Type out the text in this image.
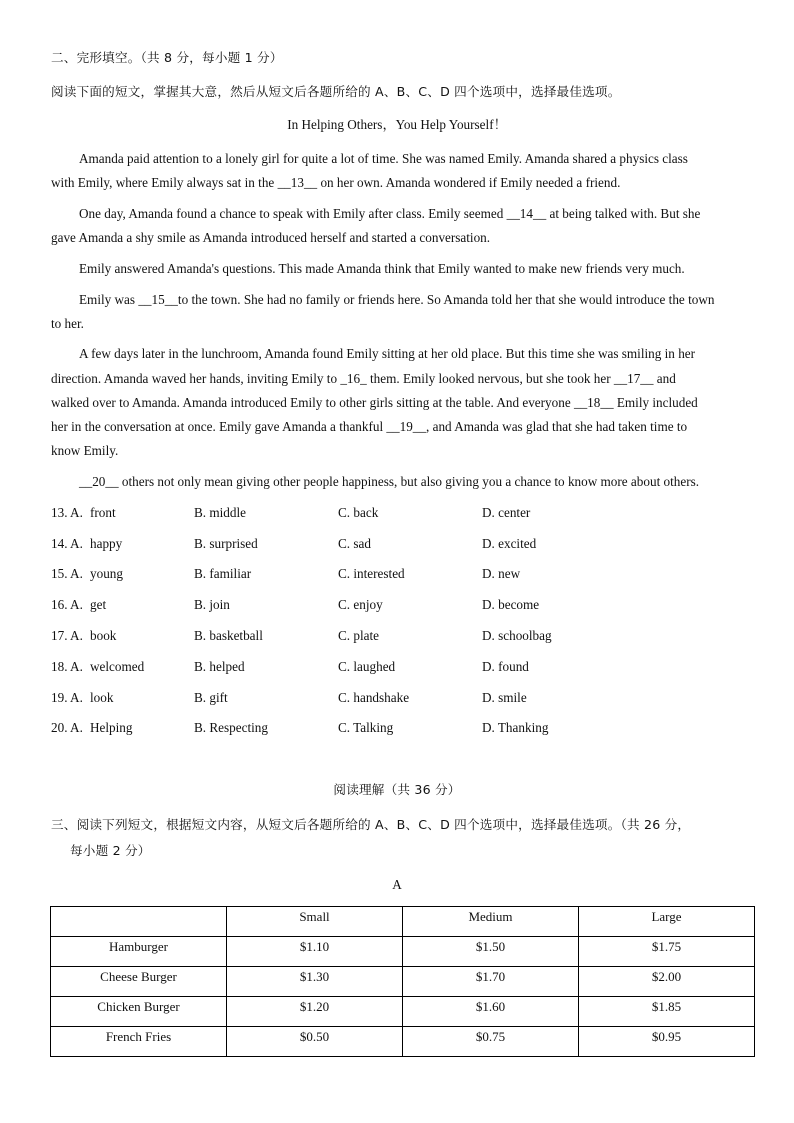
二、完形填空。（共 8 分，每小题 1 分）
阅读下面的短文，掌握其大意，然后从短文后各题所给的 A、B、C、D 四个选项中，选择最佳选项。
In Helping Others，You Help Yourself！
Amanda paid attention to a lonely girl for quite a lot of time. She was named Emily. Amanda shared a physics class
with Emily, where Emily always sat in the __13__ on her own. Amanda wondered if Emily needed a friend.
One day, Amanda found a chance to speak with Emily after class. Emily seemed __14__ at being talked with. But she
gave Amanda a shy smile as Amanda introduced herself and started a conversation.
Emily answered Amanda's questions. This made Amanda think that Emily wanted to make new friends very much.
Emily was __15__to the town. She had no family or friends here. So Amanda told her that she would introduce the town
to her.
A few days later in the lunchroom, Amanda found Emily sitting at her old place. But this time she was smiling in her
direction. Amanda waved her hands, inviting Emily to _16_ them. Emily looked nervous, but she took her __17__ and
walked over to Amanda. Amanda introduced Emily to other girls sitting at the table. And everyone __18__ Emily included
her in the conversation at once. Emily gave Amanda a thankful __19__, and Amanda was glad that she had taken time to
know Emily.
__20__ others not only mean giving other people happiness, but also giving you a chance to know more about others.
13. A. front	B. middle	C. back	D. center
14. A. happy	B. surprised	C. sad	D. excited
15. A. young	B. familiar	C. interested	D. new
16. A. get	B. join	C. enjoy	D. become
17. A. book	B. basketball	C. plate	D. schoolbag
18. A. welcomed	B. helped	C. laughed	D. found
19. A. look	B. gift	C. handshake	D. smile
20. A. Helping	B. Respecting	C. Talking	D. Thanking
阅读理解（共 36 分）
三、阅读下列短文，根据短文内容，从短文后各题所给的 A、B、C、D 四个选项中，选择最佳选项。（共 26 分，
每小题 2 分）
A
	Small	Medium	Large
Hamburger	$1.10	$1.50	$1.75
Cheese Burger	$1.30	$1.70	$2.00
Chicken Burger	$1.20	$1.60	$1.85
French Fries	$0.50	$0.75	$0.95
